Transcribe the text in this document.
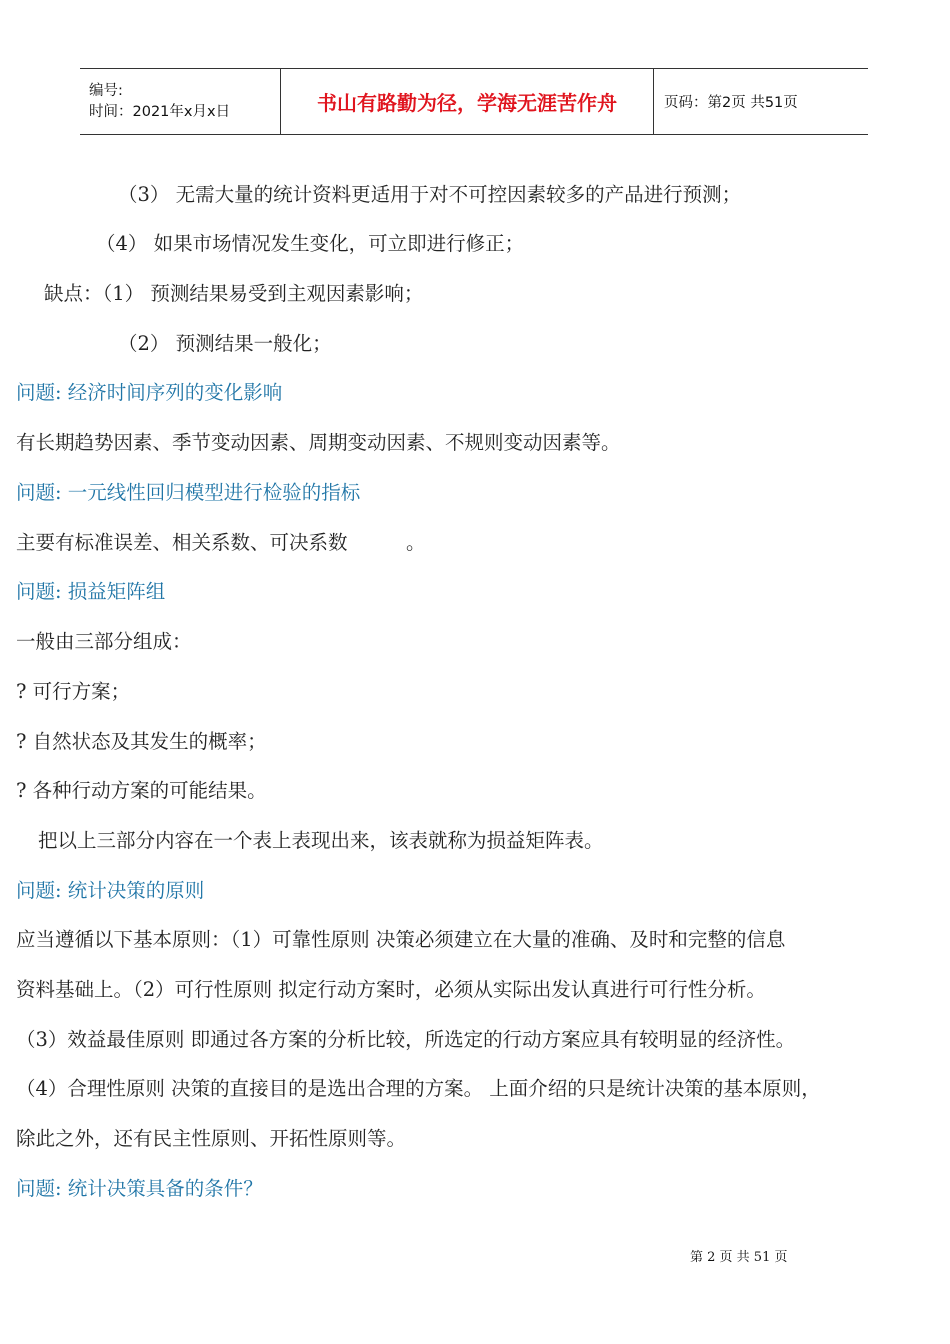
编号:
时间：2021年x月x日	书山有路勤为径，学海无涯苦作舟	页码：第2页 共51页
（3） 无需大量的统计资料更适用于对不可控因素较多的产品进行预测；
（4） 如果市场情况发生变化，可立即进行修正；
缺点：（1） 预测结果易受到主观因素影响；
（2） 预测结果一般化；
问题: 经济时间序列的变化影响
有长期趋势因素、季节变动因素、周期变动因素、不规则变动因素等。
问题: 一元线性回归模型进行检验的指标
主要有标准误差、相关系数、可决系数　　　。
问题: 损益矩阵组
一般由三部分组成：
? 可行方案；
? 自然状态及其发生的概率；
? 各种行动方案的可能结果。
把以上三部分内容在一个表上表现出来，该表就称为损益矩阵表。
问题: 统计决策的原则
应当遵循以下基本原则：（1）可靠性原则 决策必须建立在大量的准确、及时和完整的信息
资料基础上。（2）可行性原则 拟定行动方案时，必须从实际出发认真进行可行性分析。
（3）效益最佳原则 即通过各方案的分析比较，所选定的行动方案应具有较明显的经济性。
（4）合理性原则 决策的直接目的是选出合理的方案。 上面介绍的只是统计决策的基本原则，
除此之外，还有民主性原则、开拓性原则等。
问题: 统计决策具备的条件？
第 2 页 共 51 页
